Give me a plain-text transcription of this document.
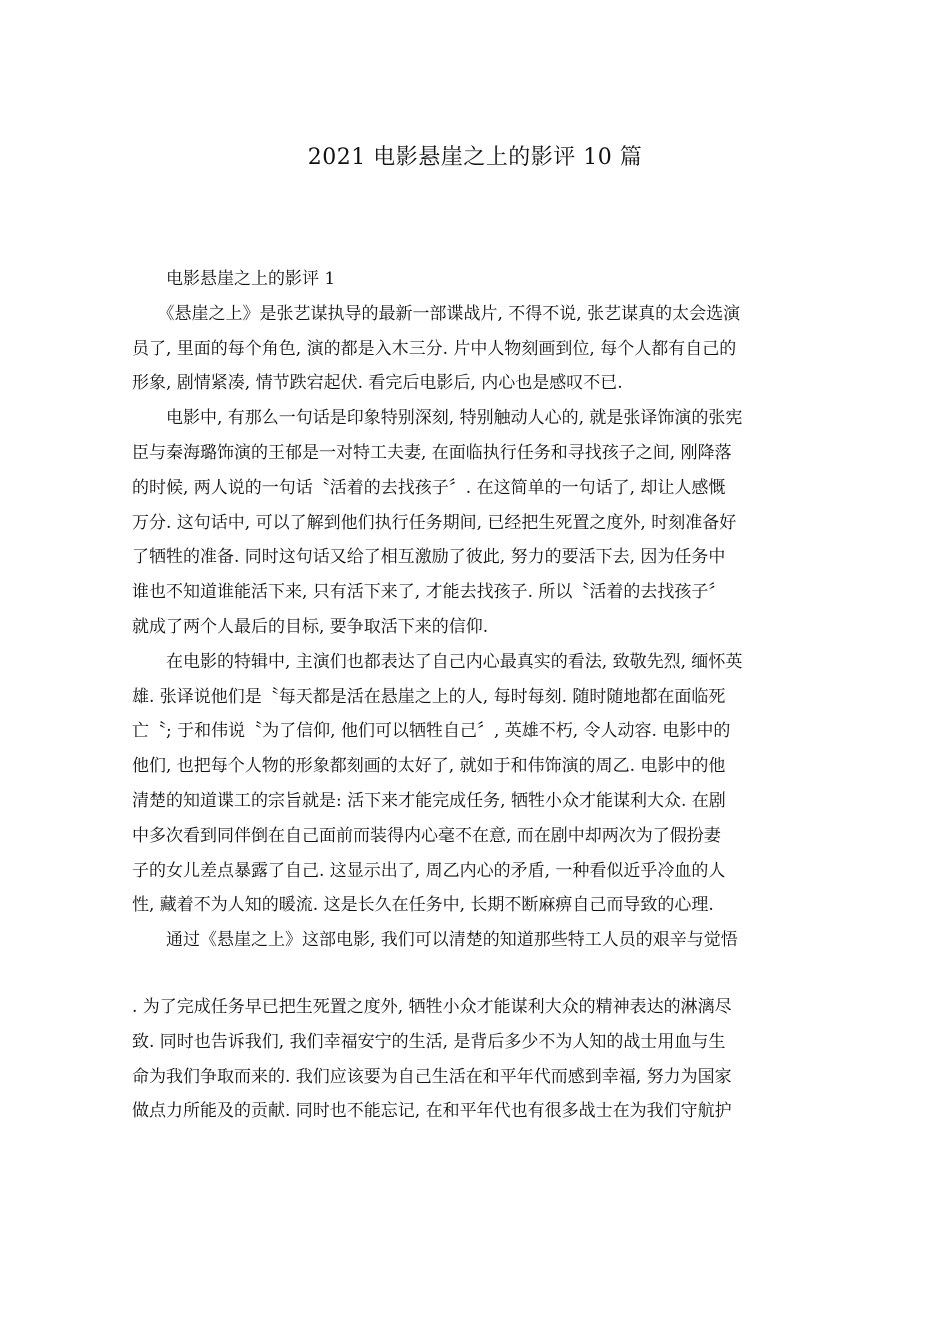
2021 电影悬崖之上的影评 10 篇
　　电影悬崖之上的影评 1
　　《悬崖之上》是张艺谋执导的最新一部谍战片, 不得不说, 张艺谋真的太会选演
员了, 里面的每个角色, 演的都是入木三分. 片中人物刻画到位, 每个人都有自己的
形象, 剧情紧凑, 情节跌宕起伏. 看完后电影后, 内心也是感叹不已.
　　电影中, 有那么一句话是印象特别深刻, 特别触动人心的, 就是张译饰演的张宪
臣与秦海璐饰演的王郁是一对特工夫妻, 在面临执行任务和寻找孩子之间, 刚降落
的时候, 两人说的一句话〝活着的去找孩子〞. 在这简单的一句话了, 却让人感慨
万分. 这句话中, 可以了解到他们执行任务期间, 已经把生死置之度外, 时刻准备好
了牺牲的准备. 同时这句话又给了相互激励了彼此, 努力的要活下去, 因为任务中
谁也不知道谁能活下来, 只有活下来了, 才能去找孩子. 所以〝活着的去找孩子〞
就成了两个人最后的目标, 要争取活下来的信仰.
　　在电影的特辑中, 主演们也都表达了自己内心最真实的看法, 致敬先烈, 缅怀英
雄. 张译说他们是〝每天都是活在悬崖之上的人, 每时每刻. 随时随地都在面临死
亡〝; 于和伟说〝为了信仰, 他们可以牺牲自己〞, 英雄不朽, 令人动容. 电影中的
他们, 也把每个人物的形象都刻画的太好了, 就如于和伟饰演的周乙. 电影中的他
清楚的知道谍工的宗旨就是: 活下来才能完成任务, 牺牲小众才能谋利大众. 在剧
中多次看到同伴倒在自己面前而装得内心毫不在意, 而在剧中却两次为了假扮妻
子的女儿差点暴露了自己. 这显示出了, 周乙内心的矛盾, 一种看似近乎冷血的人
性, 藏着不为人知的暖流. 这是长久在任务中, 长期不断麻痹自己而导致的心理.
　　通过《悬崖之上》这部电影, 我们可以清楚的知道那些特工人员的艰辛与觉悟
. 为了完成任务早已把生死置之度外, 牺牲小众才能谋利大众的精神表达的淋漓尽
致. 同时也告诉我们, 我们幸福安宁的生活, 是背后多少不为人知的战士用血与生
命为我们争取而来的. 我们应该要为自己生活在和平年代而感到幸福, 努力为国家
做点力所能及的贡献. 同时也不能忘记, 在和平年代也有很多战士在为我们守航护
